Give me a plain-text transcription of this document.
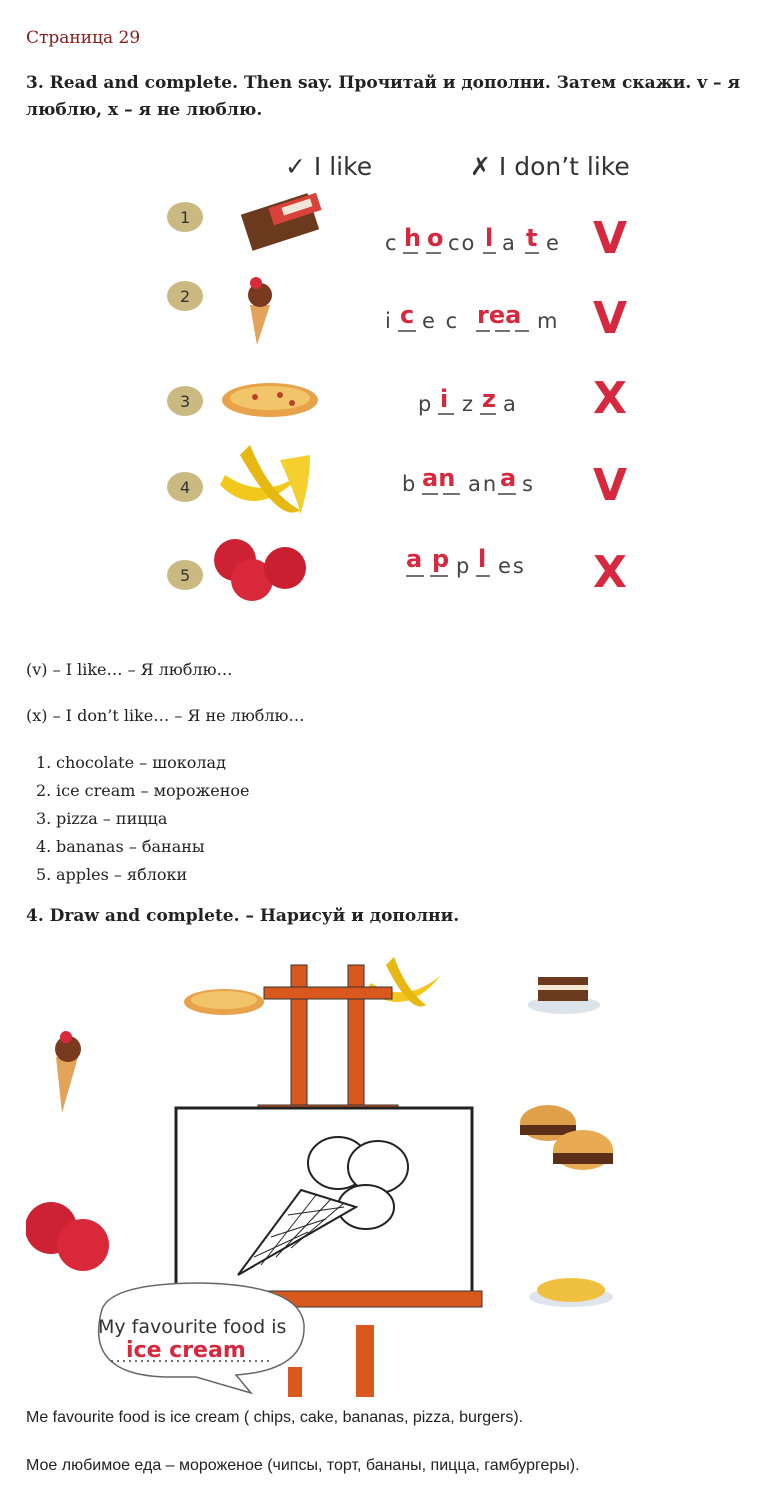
Страница 29
3. Read and complete. Then say. Прочитай и дополни. Затем скажи. v – я
люблю, x – я не люблю.
✓ I like	✗ I don’t like
1
2
3
4
5
c h o co l a t e
i c e c rea m
p i z z a
b an an a s
a p p l es
V
V
X
V
X
(v) – I like… – Я люблю…
(x) – I don’t like… – Я не люблю…
1. chocolate – шоколад
2. ice cream – мороженое
3. pizza – пицца
4. bananas – бананы
5. apples – яблоки
4. Draw and complete. – Нарисуй и дополни.
My favourite food is
ice cream
Me favourite food is ice cream ( chips, cake, bananas, pizza, burgers).
Мое любимое еда – мороженое (чипсы, торт, бананы, пицца, гамбургеры).
